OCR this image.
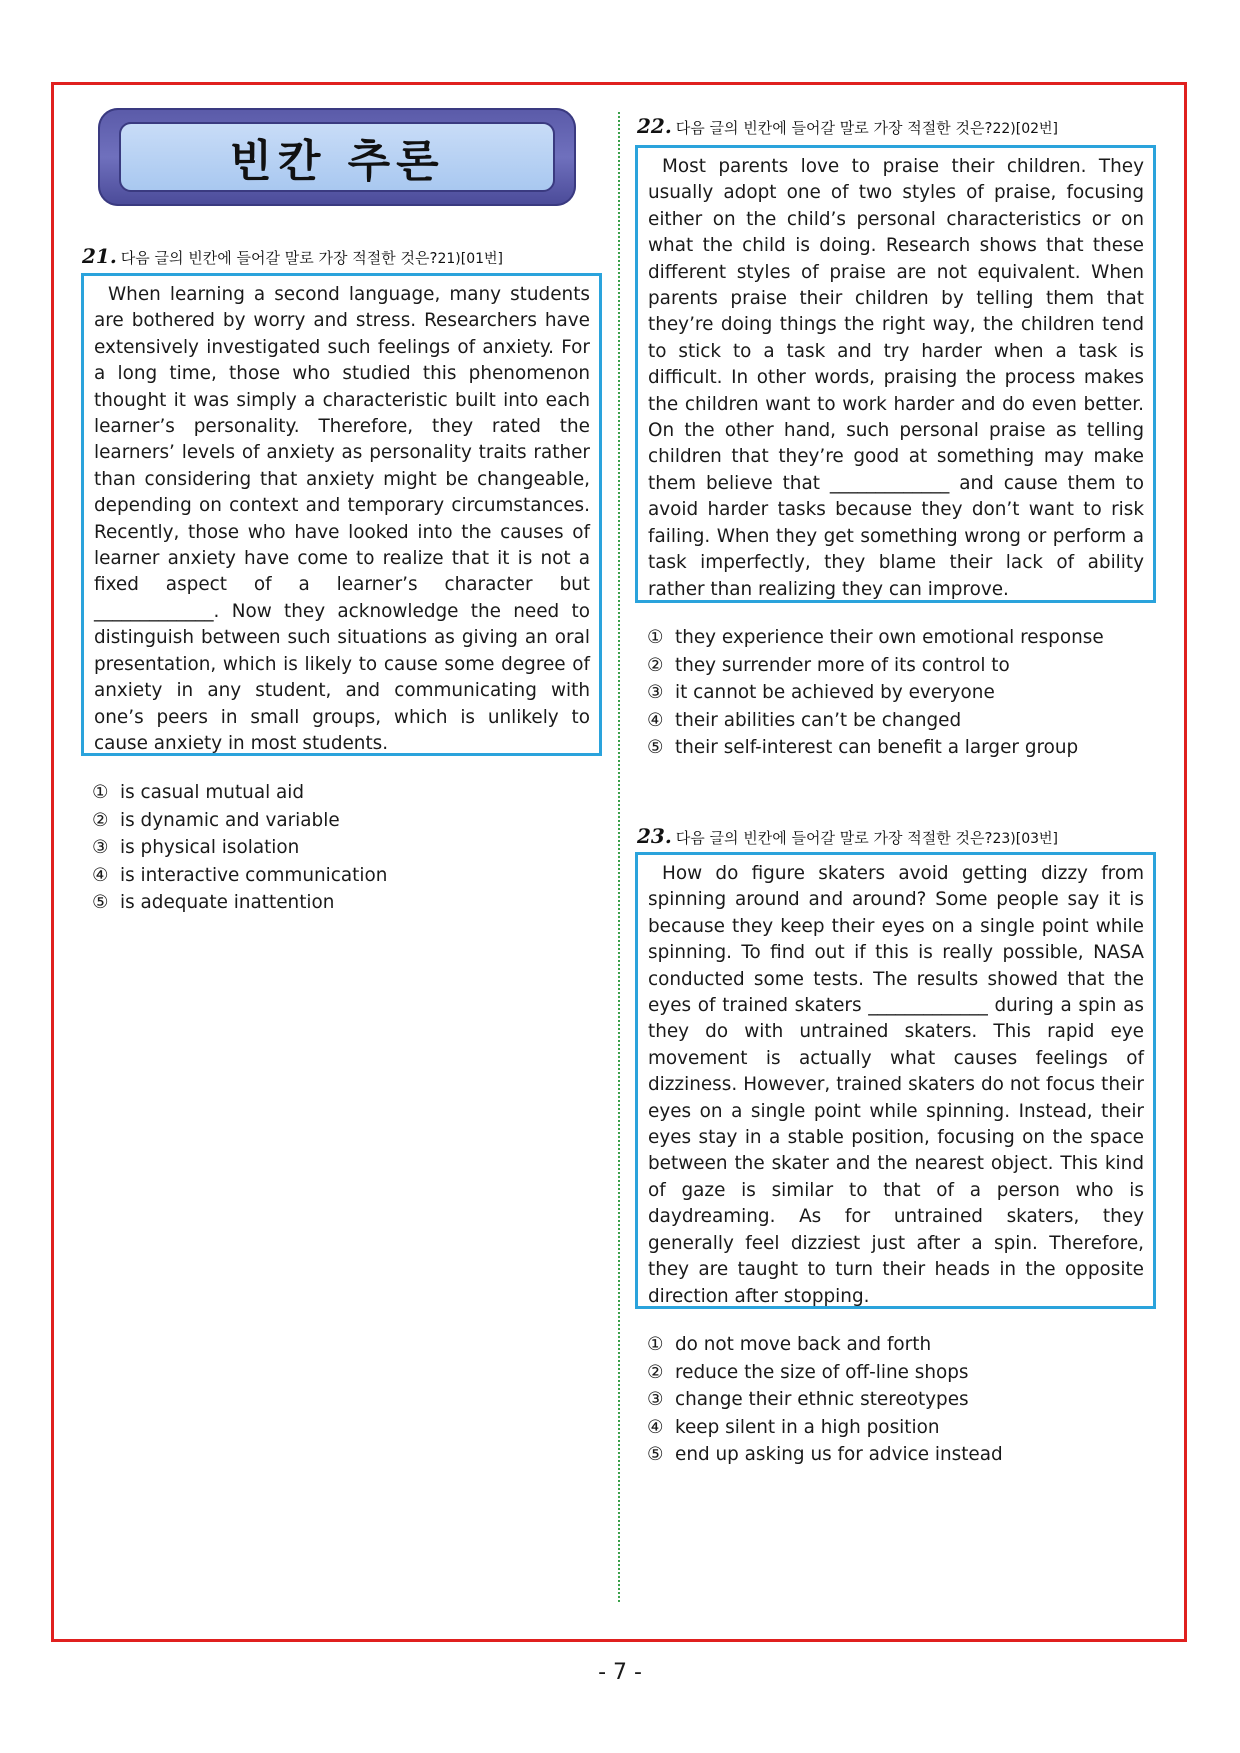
빈칸 추론
21. 다음 글의 빈칸에 들어갈 말로 가장 적절한 것은?21)[01번]

When learning a second language, many students are bothered by worry and stress. Researchers have extensively investigated such feelings of anxiety. For a long time, those who studied this phenomenon thought it was simply a characteristic built into each learner’s personality. Therefore, they rated the learners’ levels of anxiety as personality traits rather than considering that anxiety might be changeable, depending on context and temporary circumstances. Recently, those who have looked into the causes of learner anxiety have come to realize that it is not a fixed aspect of a learner’s character but _____________. Now they acknowledge the need to distinguish between such situations as giving an oral presentation, which is likely to cause some degree of anxiety in any student, and communicating with one’s peers in small groups, which is unlikely to cause anxiety in most students.

① is casual mutual aid
② is dynamic and variable
③ is physical isolation
④ is interactive communication
⑤ is adequate inattention
22. 다음 글의 빈칸에 들어갈 말로 가장 적절한 것은?22)[02번]

Most parents love to praise their children. They usually adopt one of two styles of praise, focusing either on the child’s personal characteristics or on what the child is doing. Research shows that these different styles of praise are not equivalent. When parents praise their children by telling them that they’re doing things the right way, the children tend to stick to a task and try harder when a task is difficult. In other words, praising the process makes the children want to work harder and do even better. On the other hand, such personal praise as telling children that they’re good at something may make them believe that _____________ and cause them to avoid harder tasks because they don’t want to risk failing. When they get something wrong or perform a task imperfectly, they blame their lack of ability rather than realizing they can improve.

① they experience their own emotional response
② they surrender more of its control to
③ it cannot be achieved by everyone
④ their abilities can’t be changed
⑤ their self-interest can benefit a larger group
23. 다음 글의 빈칸에 들어갈 말로 가장 적절한 것은?23)[03번]

How do figure skaters avoid getting dizzy from spinning around and around? Some people say it is because they keep their eyes on a single point while spinning. To find out if this is really possible, NASA conducted some tests. The results showed that the eyes of trained skaters _____________ during a spin as they do with untrained skaters. This rapid eye movement is actually what causes feelings of dizziness. However, trained skaters do not focus their eyes on a single point while spinning. Instead, their eyes stay in a stable position, focusing on the space between the skater and the nearest object. This kind of gaze is similar to that of a person who is daydreaming. As for untrained skaters, they generally feel dizziest just after a spin. Therefore, they are taught to turn their heads in the opposite direction after stopping.

① do not move back and forth
② reduce the size of off-line shops
③ change their ethnic stereotypes
④ keep silent in a high position
⑤ end up asking us for advice instead
- 7 -
